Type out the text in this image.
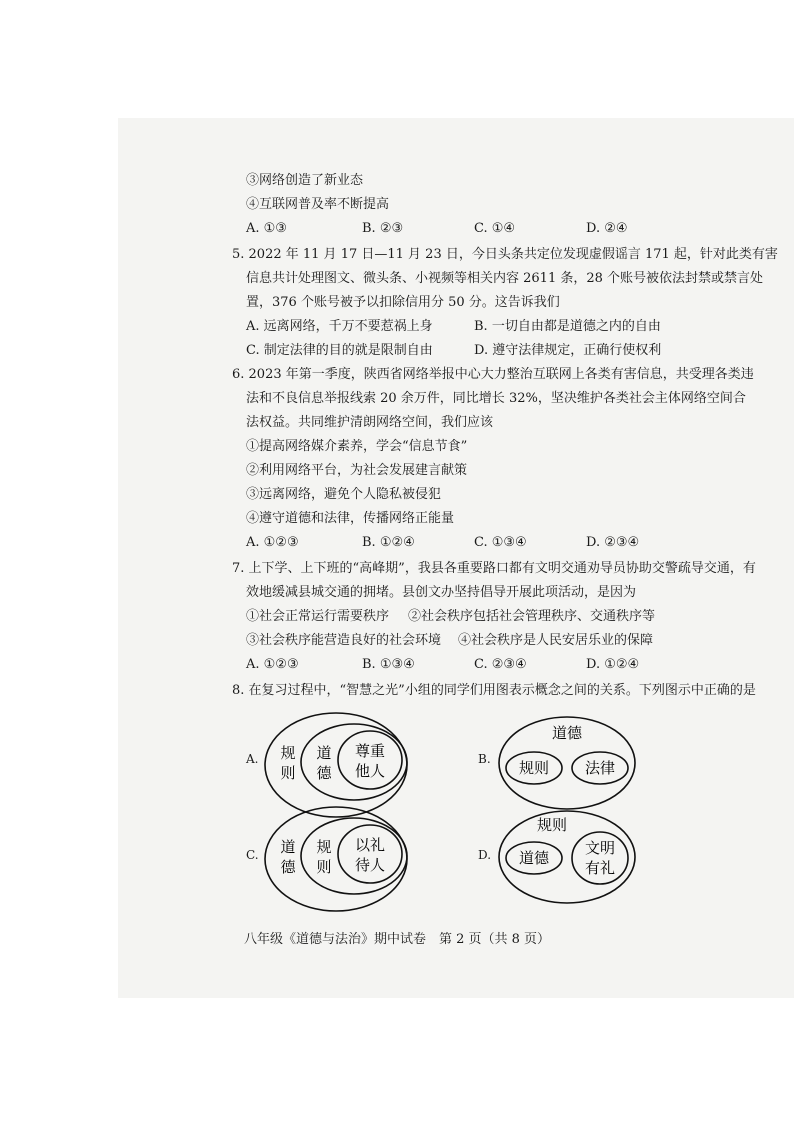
③网络创造了新业态
④互联网普及率不断提高
A. ①③	B. ②③	C. ①④	D. ②④
5. 2022 年 11 月 17 日—11 月 23 日，今日头条共定位发现虚假谣言 171 起，针对此类有害
信息共计处理图文、微头条、小视频等相关内容 2611 条，28 个账号被依法封禁或禁言处
置，376 个账号被予以扣除信用分 50 分。这告诉我们
A. 远离网络，千万不要惹祸上身	B. 一切自由都是道德之内的自由
C. 制定法律的目的就是限制自由	D. 遵守法律规定，正确行使权利
6. 2023 年第一季度，陕西省网络举报中心大力整治互联网上各类有害信息，共受理各类违
法和不良信息举报线索 20 余万件，同比增长 32%，坚决维护各类社会主体网络空间合
法权益。共同维护清朗网络空间，我们应该
①提高网络媒介素养，学会“信息节食”
②利用网络平台，为社会发展建言献策
③远离网络，避免个人隐私被侵犯
④遵守道德和法律，传播网络正能量
A. ①②③	B. ①②④	C. ①③④	D. ②③④
7. 上下学、上下班的“高峰期”，我县各重要路口都有文明交通劝导员协助交警疏导交通，有
效地缓减县城交通的拥堵。县创文办坚持倡导开展此项活动，是因为
①社会正常运行需要秩序 ②社会秩序包括社会管理秩序、交通秩序等
③社会秩序能营造良好的社会环境 ④社会秩序是人民安居乐业的保障
A. ①②③	B. ①③④	C. ②③④	D. ①②④
8. 在复习过程中，“智慧之光”小组的同学们用图表示概念之间的关系。下列图示中正确的是
A. 规
则
道
德
尊重
他人
B.
道德
规则 法律
C. 道
德
规
则
以礼
待人
D.
规则
道德
文明
有礼
八年级《道德与法治》期中试卷　第 2 页（共 8 页）
